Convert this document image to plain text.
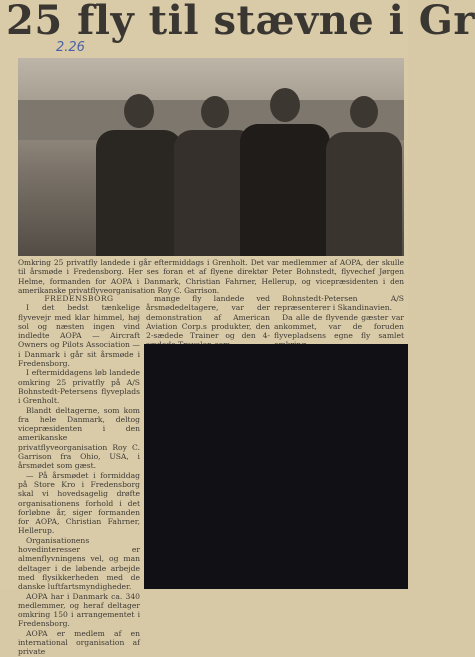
25 fly til stævne i Gr
2.26
Omkring 25 privatfly landede i går eftermiddags i Grenholt. Det var medlemmer af AOPA, der skulle til årsmøde i Fredensborg. Her ses foran et af flyene direktør Peter Bohnstedt, flyvechef Jørgen Helme, formanden for AOPA i Danmark, Christian Fahrner, Hellerup, og vicepræsidenten i den amerikanske privatflyveorganisation Roy C. Garrison.

FREDENSBORG

I det bedst tænkelige flyvevejr med klar himmel, høj sol og næsten ingen vind indledte AOPA — Aircraft Owners og Pilots Association — i Danmark i går sit årsmøde i Fredensborg.

I eftermiddagens løb landede omkring 25 privatfly på A/S Bohnstedt-Petersens flyveplads i Grenholt.

Blandt deltagerne, som kom fra hele Danmark, deltog vicepræsidenten i den amerikanske privatflyveorganisation Roy C. Garrison fra Ohio, USA, i årsmødet som gæst.

— På årsmødet i formiddag på Store Kro i Fredensborg skal vi hovedsagelig drøfte organisationens forhold i det forløbne år, siger formanden for AOPA, Christian Fahrner, Hellerup.

Organisationens hovedinteresser er almenflyvningens vel, og man deltager i de løbende arbejde med flysikkerheden med de danske luftfartsmyndigheder.

AOPA har i Danmark ca. 340 medlemmer, og heraf deltager omkring 150 i arrangementet i Fredensborg.

AOPA er medlem af en international organisation af private

mange fly landede ved årsmødedeltagere, var der demonstration af American Aviation Corp.s produkter, den 2-sædede Trainer og den 4-

Bohnstedt-Petersen A/S repræsenterer i Skandinavien.

Da alle de flyvende gæster var ankommet, var de foruden flyvepladsens egne fly samlet
